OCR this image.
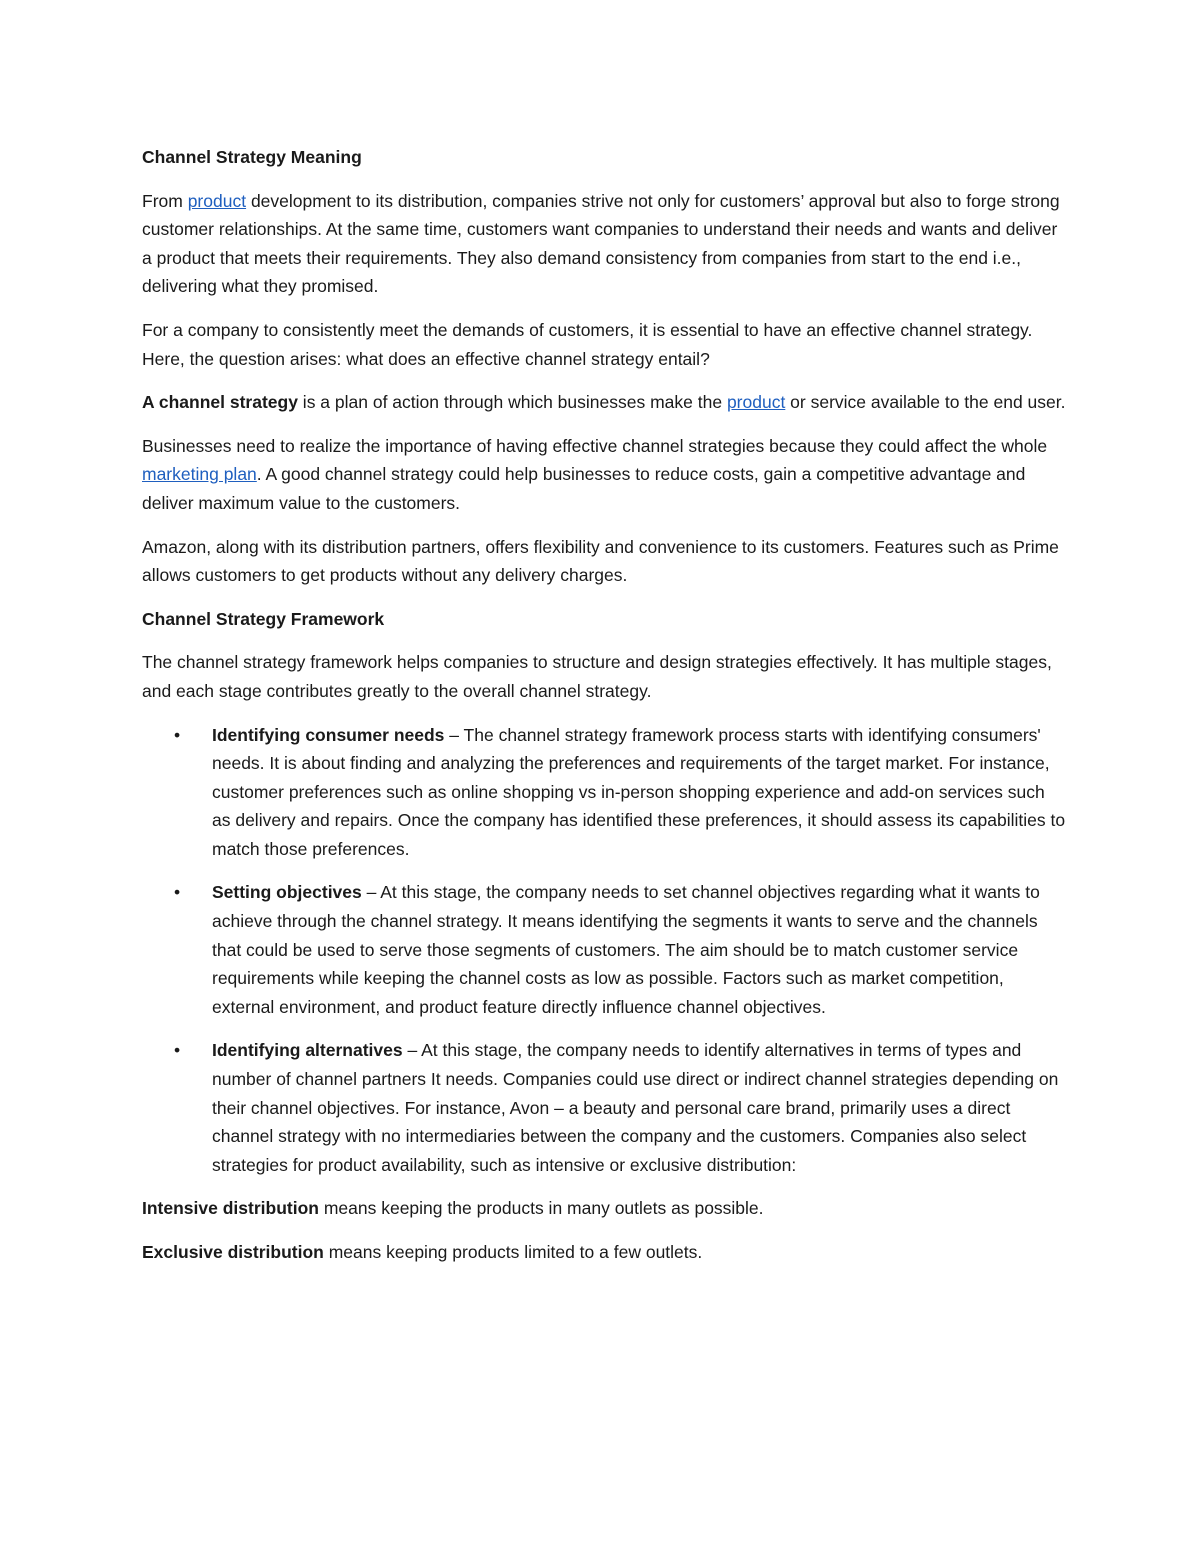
Channel Strategy Meaning

From product development to its distribution, companies strive not only for customers’ approval but also to forge strong customer relationships. At the same time, customers want companies to understand their needs and wants and deliver a product that meets their requirements. They also demand consistency from companies from start to the end i.e., delivering what they promised.

For a company to consistently meet the demands of customers, it is essential to have an effective channel strategy. Here, the question arises: what does an effective channel strategy entail?

A channel strategy is a plan of action through which businesses make the product or service available to the end user.

Businesses need to realize the importance of having effective channel strategies because they could affect the whole marketing plan. A good channel strategy could help businesses to reduce costs, gain a competitive advantage and deliver maximum value to the customers.

Amazon, along with its distribution partners, offers flexibility and convenience to its customers. Features such as Prime allows customers to get products without any delivery charges.

Channel Strategy Framework

The channel strategy framework helps companies to structure and design strategies effectively. It has multiple stages, and each stage contributes greatly to the overall channel strategy.

• Identifying consumer needs – The channel strategy framework process starts with identifying consumers' needs. It is about finding and analyzing the preferences and requirements of the target market. For instance, customer preferences such as online shopping vs in-person shopping experience and add-on services such as delivery and repairs. Once the company has identified these preferences, it should assess its capabilities to match those preferences.
• Setting objectives – At this stage, the company needs to set channel objectives regarding what it wants to achieve through the channel strategy. It means identifying the segments it wants to serve and the channels that could be used to serve those segments of customers. The aim should be to match customer service requirements while keeping the channel costs as low as possible. Factors such as market competition, external environment, and product feature directly influence channel objectives.
• Identifying alternatives – At this stage, the company needs to identify alternatives in terms of types and number of channel partners It needs. Companies could use direct or indirect channel strategies depending on their channel objectives. For instance, Avon – a beauty and personal care brand, primarily uses a direct channel strategy with no intermediaries between the company and the customers. Companies also select strategies for product availability, such as intensive or exclusive distribution:

Intensive distribution means keeping the products in many outlets as possible.

Exclusive distribution means keeping products limited to a few outlets.
